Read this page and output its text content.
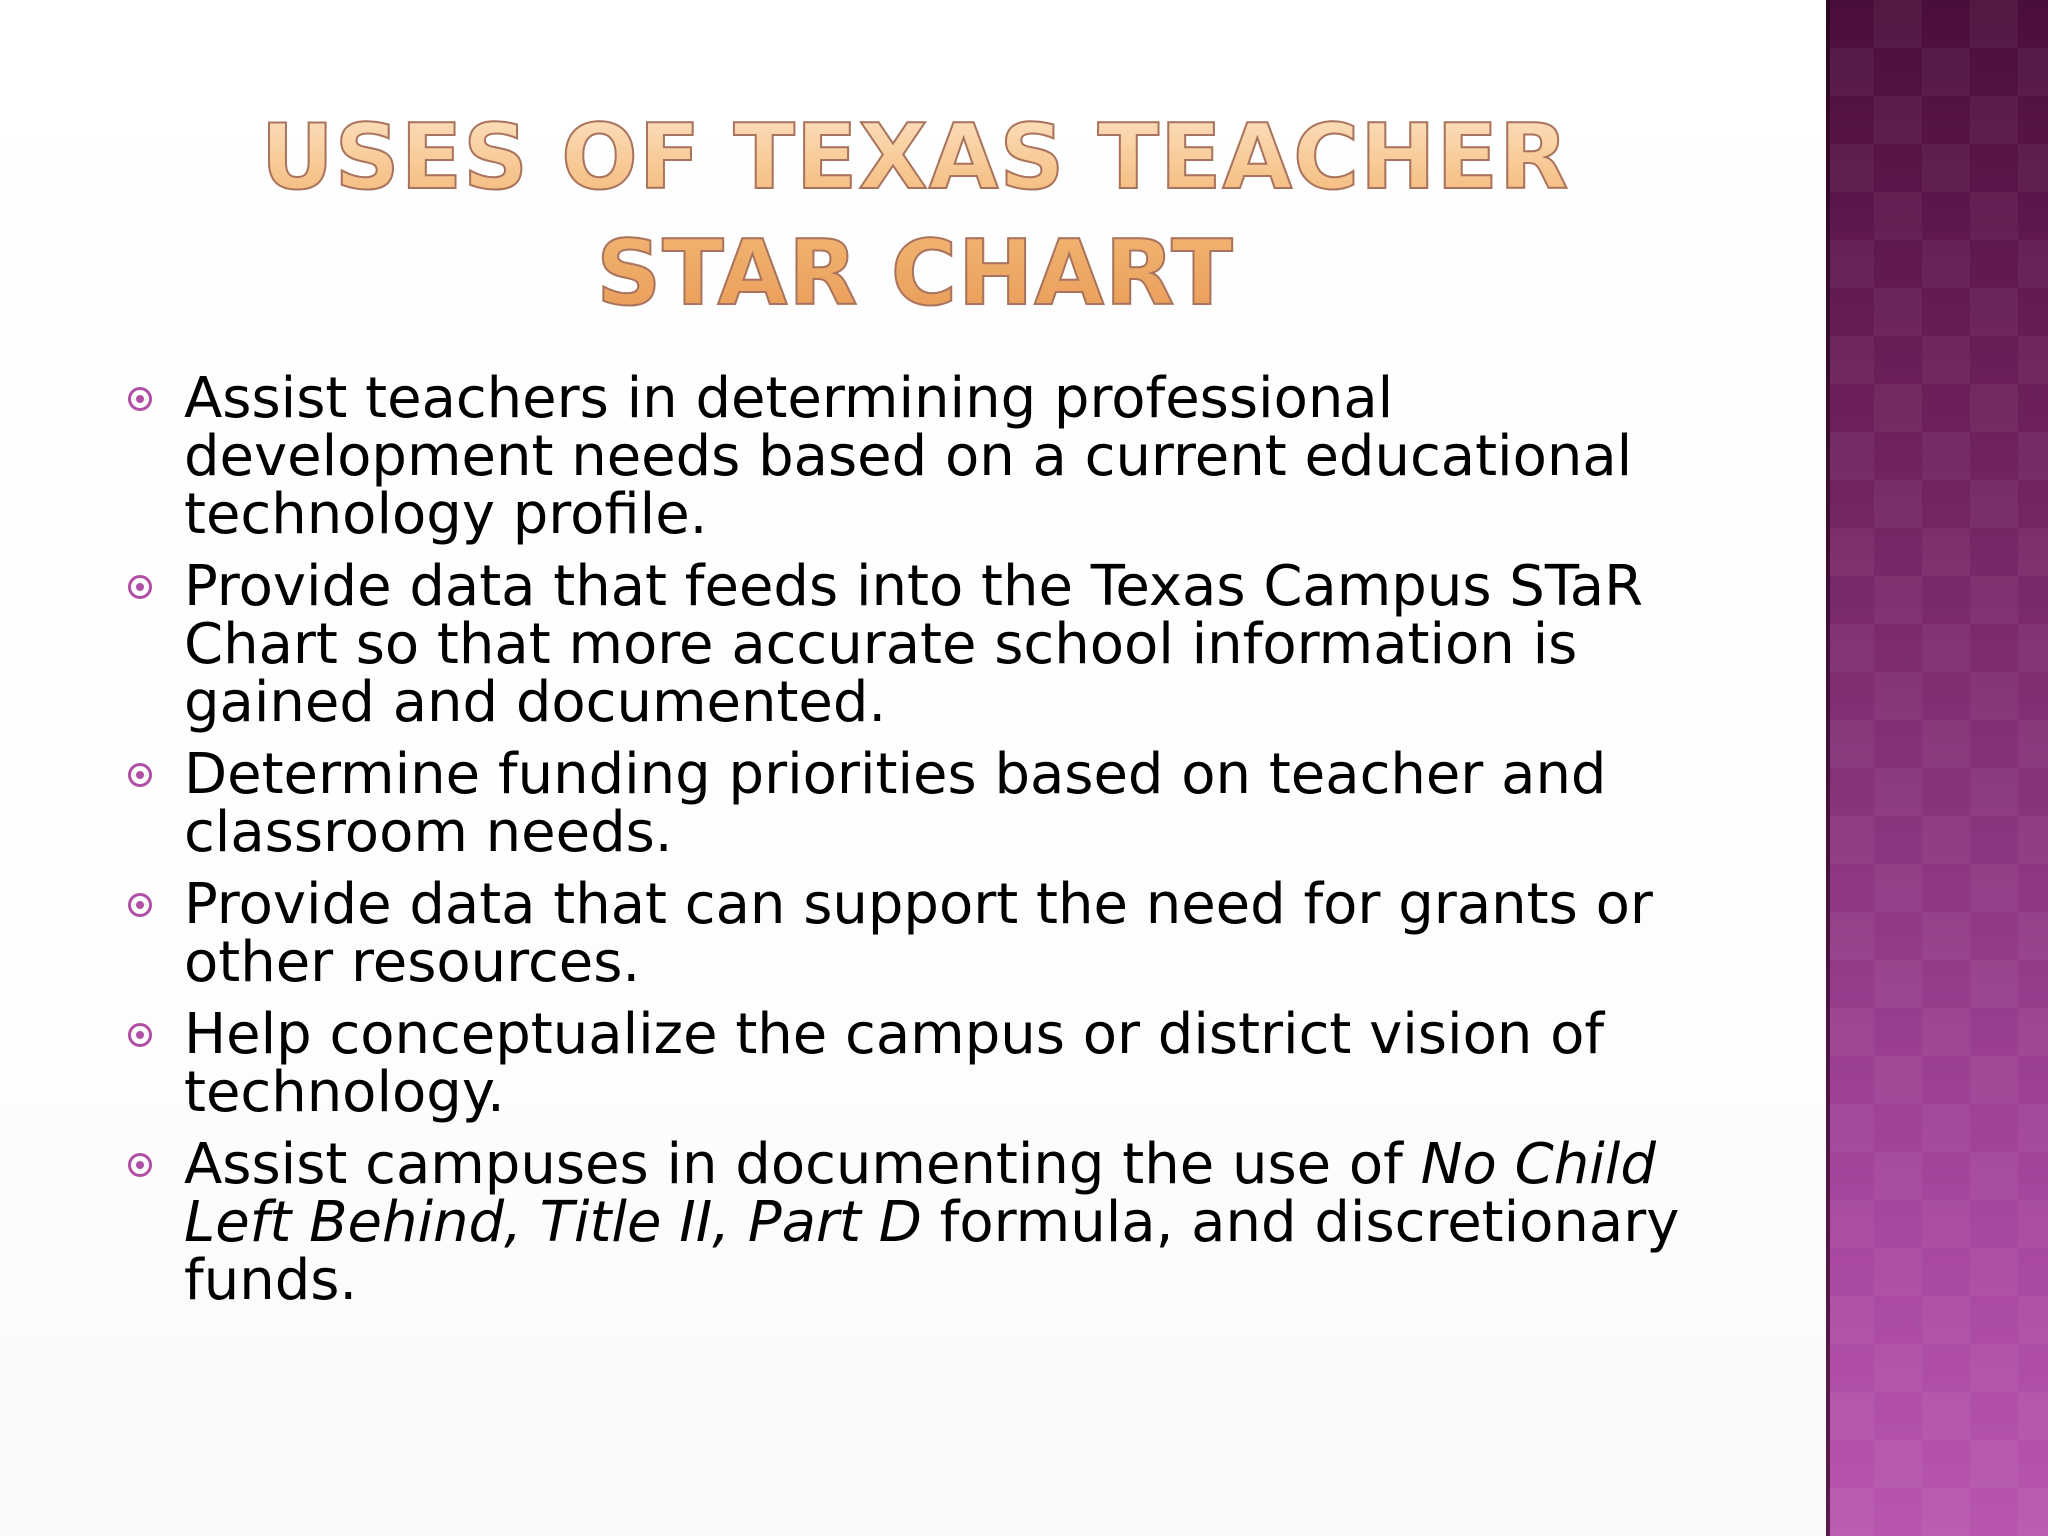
USES OF TEXAS TEACHER STAR CHART
Assist teachers in determining professional development needs based on a current educational technology profile.
Provide data that feeds into the Texas Campus STaR Chart so that more accurate school information is gained and documented.
Determine funding priorities based on teacher and classroom needs.
Provide data that can support the need for grants or other resources.
Help conceptualize the campus or district vision of technology.
Assist campuses in documenting the use of No Child Left Behind, Title II, Part D formula, and discretionary funds.
